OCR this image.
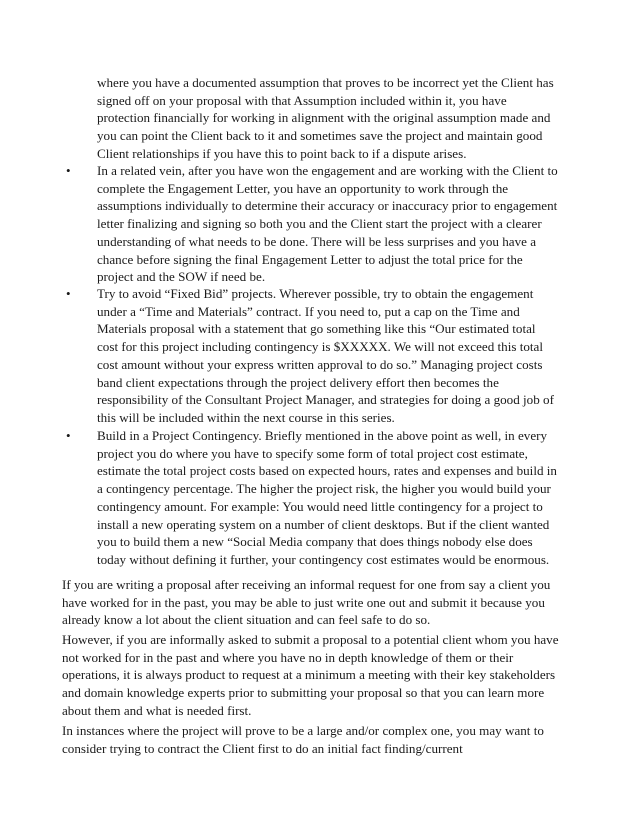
where you have a documented assumption that proves to be incorrect yet the Client has signed off on your proposal with that Assumption included within it, you have protection financially for working in alignment with the original assumption made and you can point the Client back to it and sometimes save the project and maintain good Client relationships if you have this to point back to if a dispute arises.

•	In a related vein, after you have won the engagement and are working with the Client to complete the Engagement Letter, you have an opportunity to work through the assumptions individually to determine their accuracy or inaccuracy prior to engagement letter finalizing and signing so both you and the Client start the project with a clearer understanding of what needs to be done. There will be less surprises and you have a chance before signing the final Engagement Letter to adjust the total price for the project and the SOW if need be.

•	Try to avoid “Fixed Bid” projects. Wherever possible, try to obtain the engagement under a “Time and Materials” contract. If you need to, put a cap on the Time and Materials proposal with a statement that go something like this “Our estimated total cost for this project including contingency is $XXXXX. We will not exceed this total cost amount without your express written approval to do so.” Managing project costs band client expectations through the project delivery effort then becomes the responsibility of the Consultant Project Manager, and strategies for doing a good job of this will be included within the next course in this series.

•	Build in a Project Contingency. Briefly mentioned in the above point as well, in every project you do where you have to specify some form of total project cost estimate, estimate the total project costs based on expected hours, rates and expenses and build in a contingency percentage. The higher the project risk, the higher you would build your contingency amount. For example: You would need little contingency for a project to install a new operating system on a number of client desktops. But if the client wanted you to build them a new “Social Media company that does things nobody else does today without defining it further, your contingency cost estimates would be enormous.

If you are writing a proposal after receiving an informal request for one from say a client you have worked for in the past, you may be able to just write one out and submit it because you already know a lot about the client situation and can feel safe to do so.

However, if you are informally asked to submit a proposal to a potential client whom you have not worked for in the past and where you have no in depth knowledge of them or their operations, it is always product to request at a minimum a meeting with their key stakeholders and domain knowledge experts prior to submitting your proposal so that you can learn more about them and what is needed first.

In instances where the project will prove to be a large and/or complex one, you may want to consider trying to contract the Client first to do an initial fact finding/current
